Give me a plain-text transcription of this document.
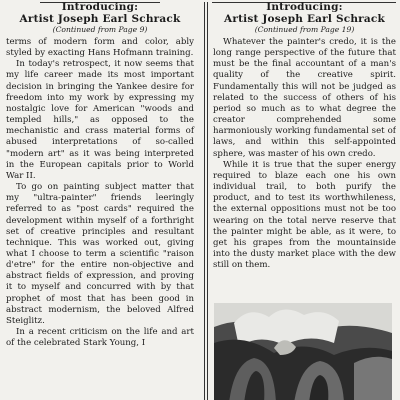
Introducing:
Artist Joseph Earl Schrack
(Continued from Page 9)

terms of modern form and color, ably styled by exacting Hans Hofmann training.

In today's retrospect, it now seems that my life career made its most important decision in bringing the Yankee desire for freedom into my work by expressing my nostalgic love for American "woods and templed hills," as opposed to the mechanistic and crass material forms of abused interpretations of so-called "modern art" as it was being interpreted in the European capitals prior to World War II.

To go on painting subject matter that my "ultra-painter" friends leeringly referred to as "post cards" required the development within myself of a forthright set of creative principles and resultant technique. This was worked out, giving what I choose to term a scientific "raison d'etre" for the entire non-objective and abstract fields of expression, and proving it to myself and concurred with by that prophet of most that has been good in abstract modernism, the beloved Alfred Steiglitz.

In a recent criticism on the life and art of the celebrated Stark Young, I

Introducing:
Artist Joseph Earl Schrack
(Continued from Page 19)

Whatever the painter's credo, it is the long range perspective of the future that must be the final accountant of a man's quality of the creative spirit. Fundamentally this will not be judged as related to the success of others of his period so much as to what degree the creator comprehended some harmoniously working fundamental set of laws, and within this self-appointed sphere, was master of his own credo.

While it is true that the super energy required to blaze each one his own individual trail, to both purify the product, and to test its worthwhileness, the external oppositions must not be too wearing on the total nerve reserve that the painter might be able, as it were, to get his grapes from the mountainside into the dusty market place with the dew still on them.
